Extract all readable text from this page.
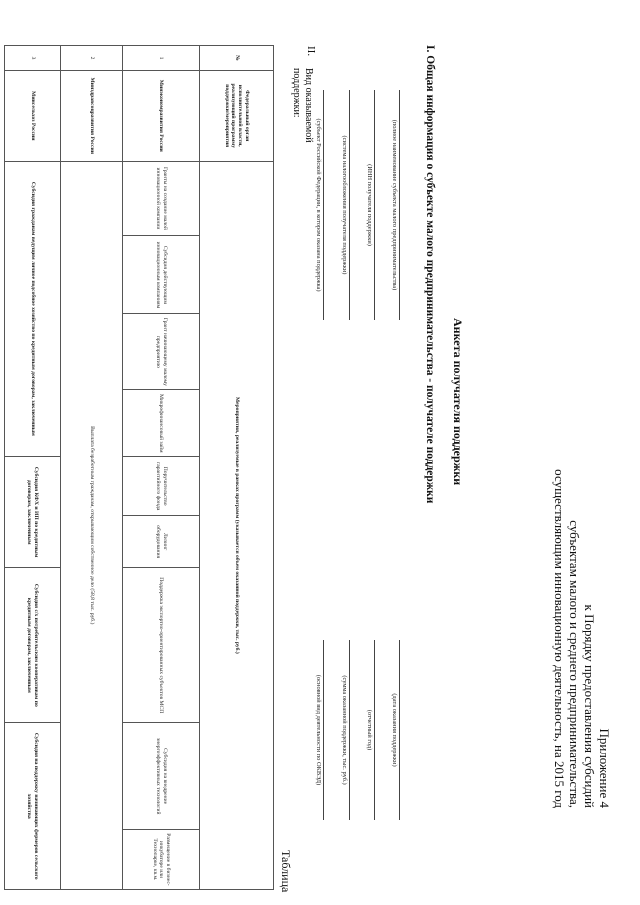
Приложение 4
к Порядку предоставления субсидий
субъектам малого и среднего предпринимательства,
осуществляющим инновационную деятельность, на 2015 год
Анкета получателя поддержки
I. Общая информация о субъекте малого предпринимательства - получателе поддержки
(полное наименование субъекта малого предпринимательства)
(ИНН получателя поддержки)
(система налогообложения получателя поддержки)
(субъект Российской Федерации, в котором оказана поддержка)
(дата оказания поддержки)
(отчетный год)
(сумма оказанной поддержки, тыс. руб.)
(основной вид деятельности по ОКВЭД)
II.
Вид оказываемой поддержки:
Таблица
№	Федеральный орган исполнительной власти, реализующий программу поддержки/мероприятия	Мероприятия, реализуемые в рамках программ (указывается объем оказанной поддержки, тыс. руб.)								

1	Минэкономразвития России	Гранты на создание малой инновационной компании	Субсидия действующим инновационным компаниям	Грант начинающему малому предприятию	Микрофинансовый займ	Поручительство гарантийного фонда	Лизинг оборудования	Поддержка экспортно-ориентированных субъектов МСП	Субсидия на внедрение энергоэффективных технологий	Размещение в бизнес-инкубаторе или Технопарке, кв.м.
2	Минздравсоцразвития России	Выплата безработным гражданам, открывающим собственное дело (58,8 тыс. руб.)								
3	Минсельхоз России	Субсидия гражданам ведущим личное подсобное хозяйство по кредитным договорам, заключенным				Субсидия КФХ и ИП по кредитным договорам, заключенным		Субсидия с/х потребительским кооперативам по кредитным договорам, заключенным	Субсидия на поддержку начинающих фермеров сельского хозяйства	
